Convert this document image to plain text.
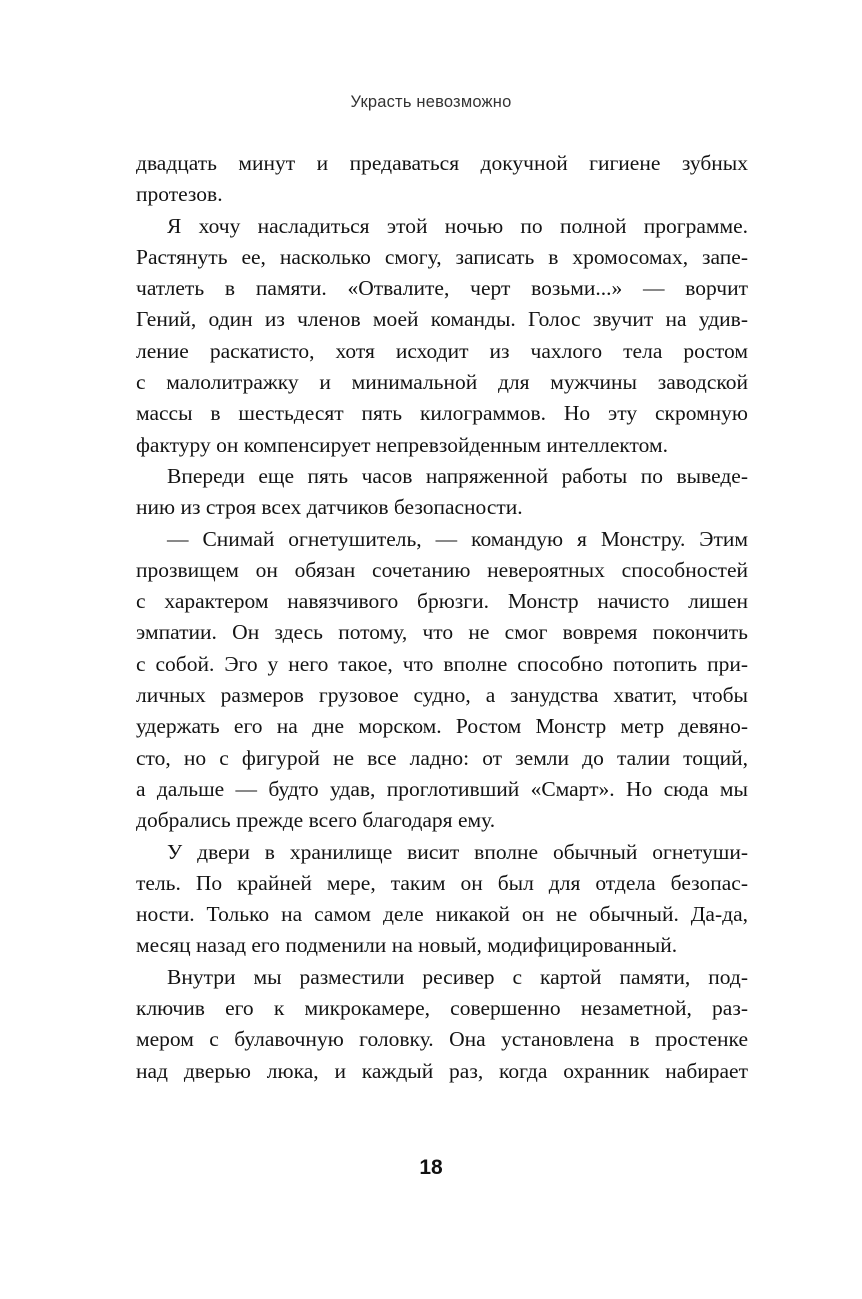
Украсть невозможно
двадцать минут и предаваться докучной гигиене зубных
протезов.
Я хочу насладиться этой ночью по полной программе.
Растянуть ее, насколько смогу, записать в хромосомах, запе-
чатлеть в памяти. «Отвалите, черт возьми...» — ворчит
Гений, один из членов моей команды. Голос звучит на удив-
ление раскатисто, хотя исходит из чахлого тела ростом
с малолитражку и минимальной для мужчины заводской
массы в шестьдесят пять килограммов. Но эту скромную
фактуру он компенсирует непревзойденным интеллектом.
Впереди еще пять часов напряженной работы по выведе-
нию из строя всех датчиков безопасности.
— Снимай огнетушитель, — командую я Монстру. Этим
прозвищем он обязан сочетанию невероятных способностей
с характером навязчивого брюзги. Монстр начисто лишен
эмпатии. Он здесь потому, что не смог вовремя покончить
с собой. Эго у него такое, что вполне способно потопить при-
личных размеров грузовое судно, а занудства хватит, чтобы
удержать его на дне морском. Ростом Монстр метр девяно-
сто, но с фигурой не все ладно: от земли до талии тощий,
а дальше — будто удав, проглотивший «Смарт». Но сюда мы
добрались прежде всего благодаря ему.
У двери в хранилище висит вполне обычный огнетуши-
тель. По крайней мере, таким он был для отдела безопас-
ности. Только на самом деле никакой он не обычный. Да-да,
месяц назад его подменили на новый, модифицированный.
Внутри мы разместили ресивер с картой памяти, под-
ключив его к микрокамере, совершенно незаметной, раз-
мером с булавочную головку. Она установлена в простенке
над дверью люка, и каждый раз, когда охранник набирает
18
